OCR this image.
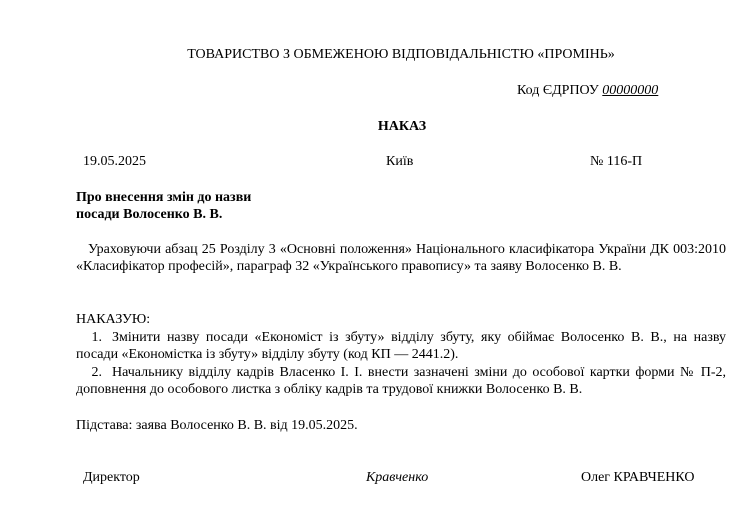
ТОВАРИСТВО З ОБМЕЖЕНОЮ ВІДПОВІДАЛЬНІСТЮ «ПРОМІНЬ»
Код ЄДРПОУ 00000000
НАКАЗ
19.05.2025	Київ	№ 116-П
Про внесення змін до назви
посади Волосенко В. В.
Ураховуючи абзац 25 Розділу 3 «Основні положення» Національного класифікатора України ДК 003:2010 «Класифікатор професій», параграф 32 «Українського правопису» та заяву Волосенко В. В.
НАКАЗУЮ:
1. Змінити назву посади «Економіст із збуту» відділу збуту, яку обіймає Волосенко В. В., на назву посади «Економістка із збуту» відділу збуту (код КП — 2441.2).
2. Начальнику відділу кадрів Власенко І. І. внести зазначені зміни до особової картки форми № П-2, доповнення до особового листка з обліку кадрів та трудової книжки Волосенко В. В.
Підстава: заява Волосенко В. В. від 19.05.2025.
Директор	Кравченко	Олег КРАВЧЕНКО
